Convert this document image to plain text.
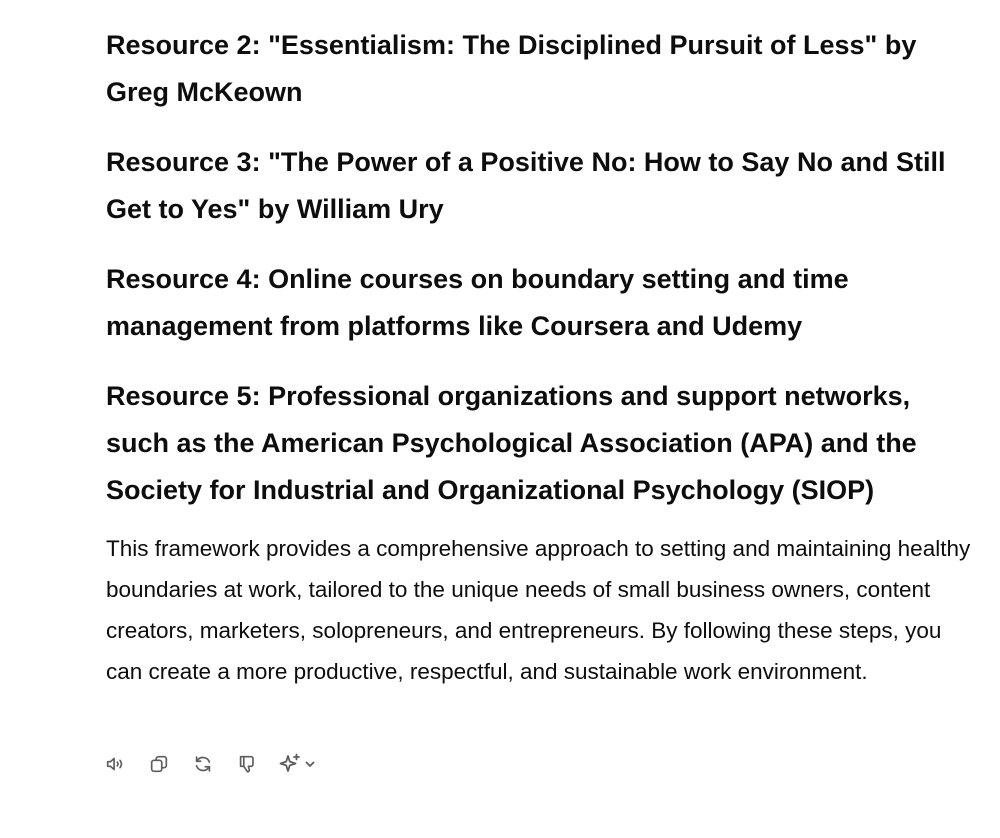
Resource 2: "Essentialism: The Disciplined Pursuit of Less" by Greg McKeown
Resource 3: "The Power of a Positive No: How to Say No and Still Get to Yes" by William Ury
Resource 4: Online courses on boundary setting and time management from platforms like Coursera and Udemy
Resource 5: Professional organizations and support networks, such as the American Psychological Association (APA) and the Society for Industrial and Organizational Psychology (SIOP)

This framework provides a comprehensive approach to setting and maintaining healthy boundaries at work, tailored to the unique needs of small business owners, content creators, marketers, solopreneurs, and entrepreneurs. By following these steps, you can create a more productive, respectful, and sustainable work environment.
